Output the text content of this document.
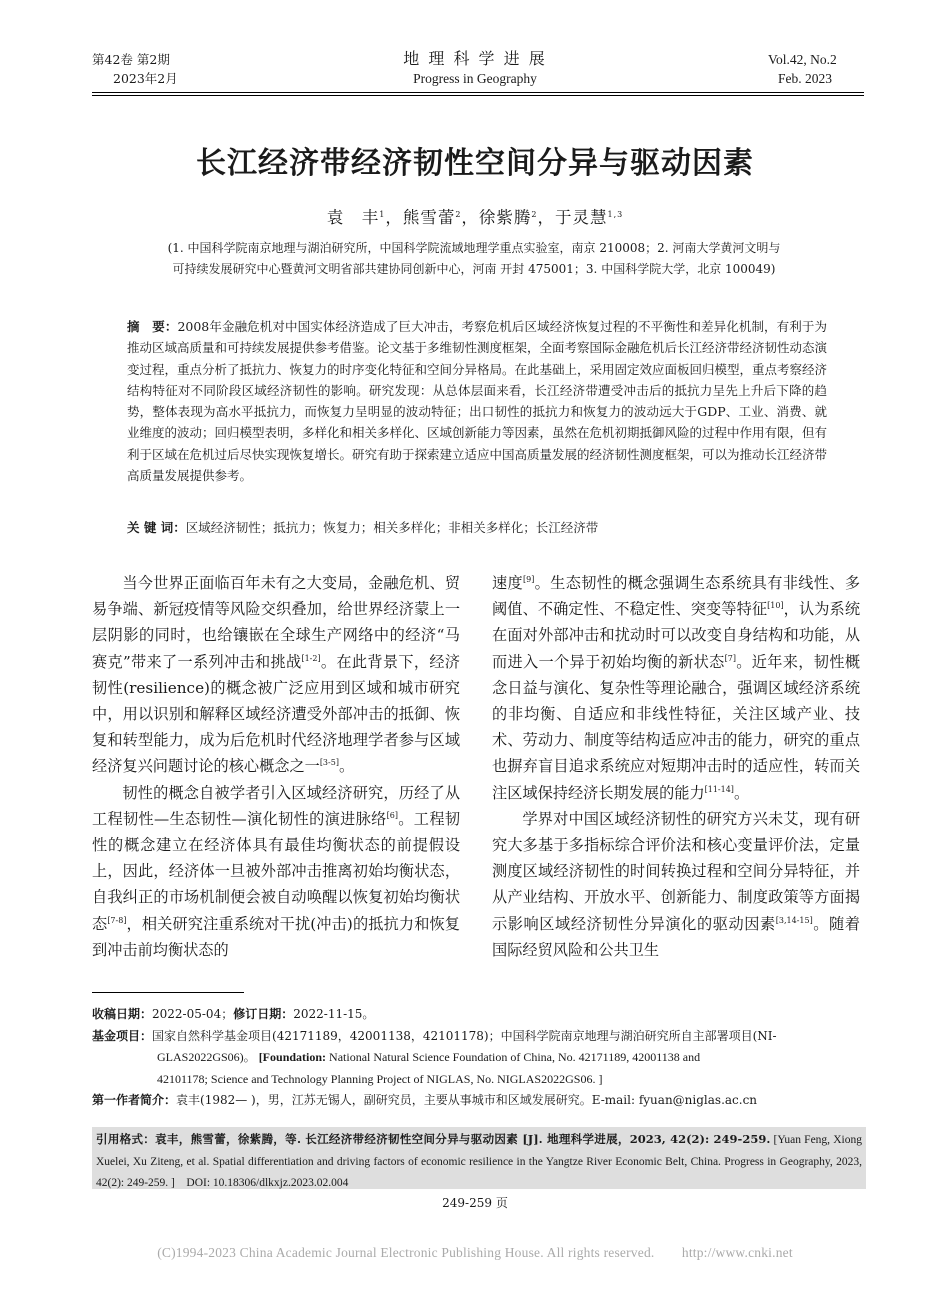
第42卷 第2期
2023年2月
地 理 科 学 进 展
Progress in Geography
Vol.42, No.2
Feb. 2023
长江经济带经济韧性空间分异与驱动因素
袁　丰$^1$，熊雪蕾$^2$，徐紫腾$^2$，于灵慧$^{1,3}$
(1. 中国科学院南京地理与湖泊研究所，中国科学院流域地理学重点实验室，南京 210008；2. 河南大学黄河文明与
可持续发展研究中心暨黄河文明省部共建协同创新中心，河南 开封 475001；3. 中国科学院大学，北京 100049)
摘　要：2008年金融危机对中国实体经济造成了巨大冲击，考察危机后区域经济恢复过程的不平衡性和差异化机制，有利于为推动区域高质量和可持续发展提供参考借鉴。论文基于多维韧性测度框架，全面考察国际金融危机后长江经济带经济韧性动态演变过程，重点分析了抵抗力、恢复力的时序变化特征和空间分异格局。在此基础上，采用固定效应面板回归模型，重点考察经济结构特征对不同阶段区域经济韧性的影响。研究发现：从总体层面来看，长江经济带遭受冲击后的抵抗力呈先上升后下降的趋势，整体表现为高水平抵抗力，而恢复力呈明显的波动特征；出口韧性的抵抗力和恢复力的波动远大于GDP、工业、消费、就业维度的波动；回归模型表明，多样化和相关多样化、区域创新能力等因素，虽然在危机初期抵御风险的过程中作用有限，但有利于区域在危机过后尽快实现恢复增长。研究有助于探索建立适应中国高质量发展的经济韧性测度框架，可以为推动长江经济带高质量发展提供参考。
关 键 词：区域经济韧性；抵抗力；恢复力；相关多样化；非相关多样化；长江经济带

当今世界正面临百年未有之大变局，金融危机、贸易争端、新冠疫情等风险交织叠加，给世界经济蒙上一层阴影的同时，也给镶嵌在全球生产网络中的经济“马赛克”带来了一系列冲击和挑战[1-2]。在此背景下，经济韧性(resilience)的概念被广泛应用到区域和城市研究中，用以识别和解释区域经济遭受外部冲击的抵御、恢复和转型能力，成为后危机时代经济地理学者参与区域经济复兴问题讨论的核心概念之一[3-5]。

韧性的概念自被学者引入区域经济研究，历经了从工程韧性—生态韧性—演化韧性的演进脉络[6]。工程韧性的概念建立在经济体具有最佳均衡状态的前提假设上，因此，经济体一旦被外部冲击推离初始均衡状态，自我纠正的市场机制便会被自动唤醒以恢复初始均衡状态[7-8]，相关研究注重系统对干扰(冲击)的抵抗力和恢复到冲击前均衡状态的

速度[9]。生态韧性的概念强调生态系统具有非线性、多阈值、不确定性、不稳定性、突变等特征[10]，认为系统在面对外部冲击和扰动时可以改变自身结构和功能，从而进入一个异于初始均衡的新状态[7]。近年来，韧性概念日益与演化、复杂性等理论融合，强调区域经济系统的非均衡、自适应和非线性特征，关注区域产业、技术、劳动力、制度等结构适应冲击的能力，研究的重点也摒弃盲目追求系统应对短期冲击时的适应性，转而关注区域保持经济长期发展的能力[11-14]。

学界对中国区域经济韧性的研究方兴未艾，现有研究大多基于多指标综合评价法和核心变量评价法，定量测度区域经济韧性的时间转换过程和空间分异特征，并从产业结构、开放水平、创新能力、制度政策等方面揭示影响区域经济韧性分异演化的驱动因素[3,14-15]。随着国际经贸风险和公共卫生

收稿日期：2022-05-04；修订日期：2022-11-15。
基金项目：国家自然科学基金项目(42171189，42001138，42101178)；中国科学院南京地理与湖泊研究所自主部署项目(NI-
GLAS2022GS06)。 [Foundation: National Natural Science Foundation of China, No. 42171189, 42001138 and
42101178; Science and Technology Planning Project of NIGLAS, No. NIGLAS2022GS06. ]
第一作者简介：袁丰(1982— )，男，江苏无锡人，副研究员，主要从事城市和区域发展研究。E-mail: fyuan@niglas.ac.cn
引用格式：袁丰，熊雪蕾，徐紫腾，等. 长江经济带经济韧性空间分异与驱动因素 [J]. 地理科学进展，2023, 42(2): 249-259. [Yuan Feng, Xiong Xuelei, Xu Ziteng, et al. Spatial differentiation and driving factors of economic resilience in the Yangtze River Economic Belt, China. Progress in Geography, 2023, 42(2): 249-259. ]　DOI: 10.18306/dlkxjz.2023.02.004
249-259 页
(C)1994-2023 China Academic Journal Electronic Publishing House. All rights reserved.　　http://www.cnki.net
